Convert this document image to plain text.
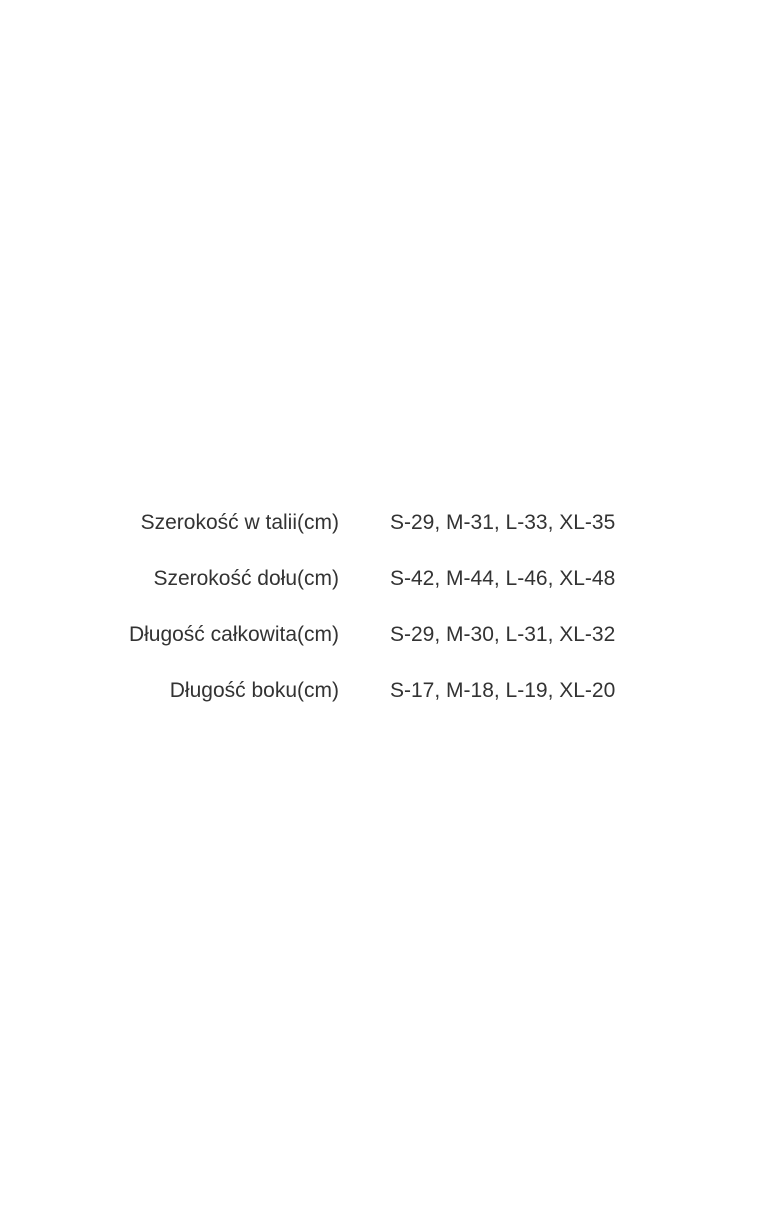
Szerokość w talii(cm) S-29, M-31, L-33, XL-35
Szerokość dołu(cm) S-42, M-44, L-46, XL-48
Długość całkowita(cm) S-29, M-30, L-31, XL-32
Długość boku(cm) S-17, M-18, L-19, XL-20
